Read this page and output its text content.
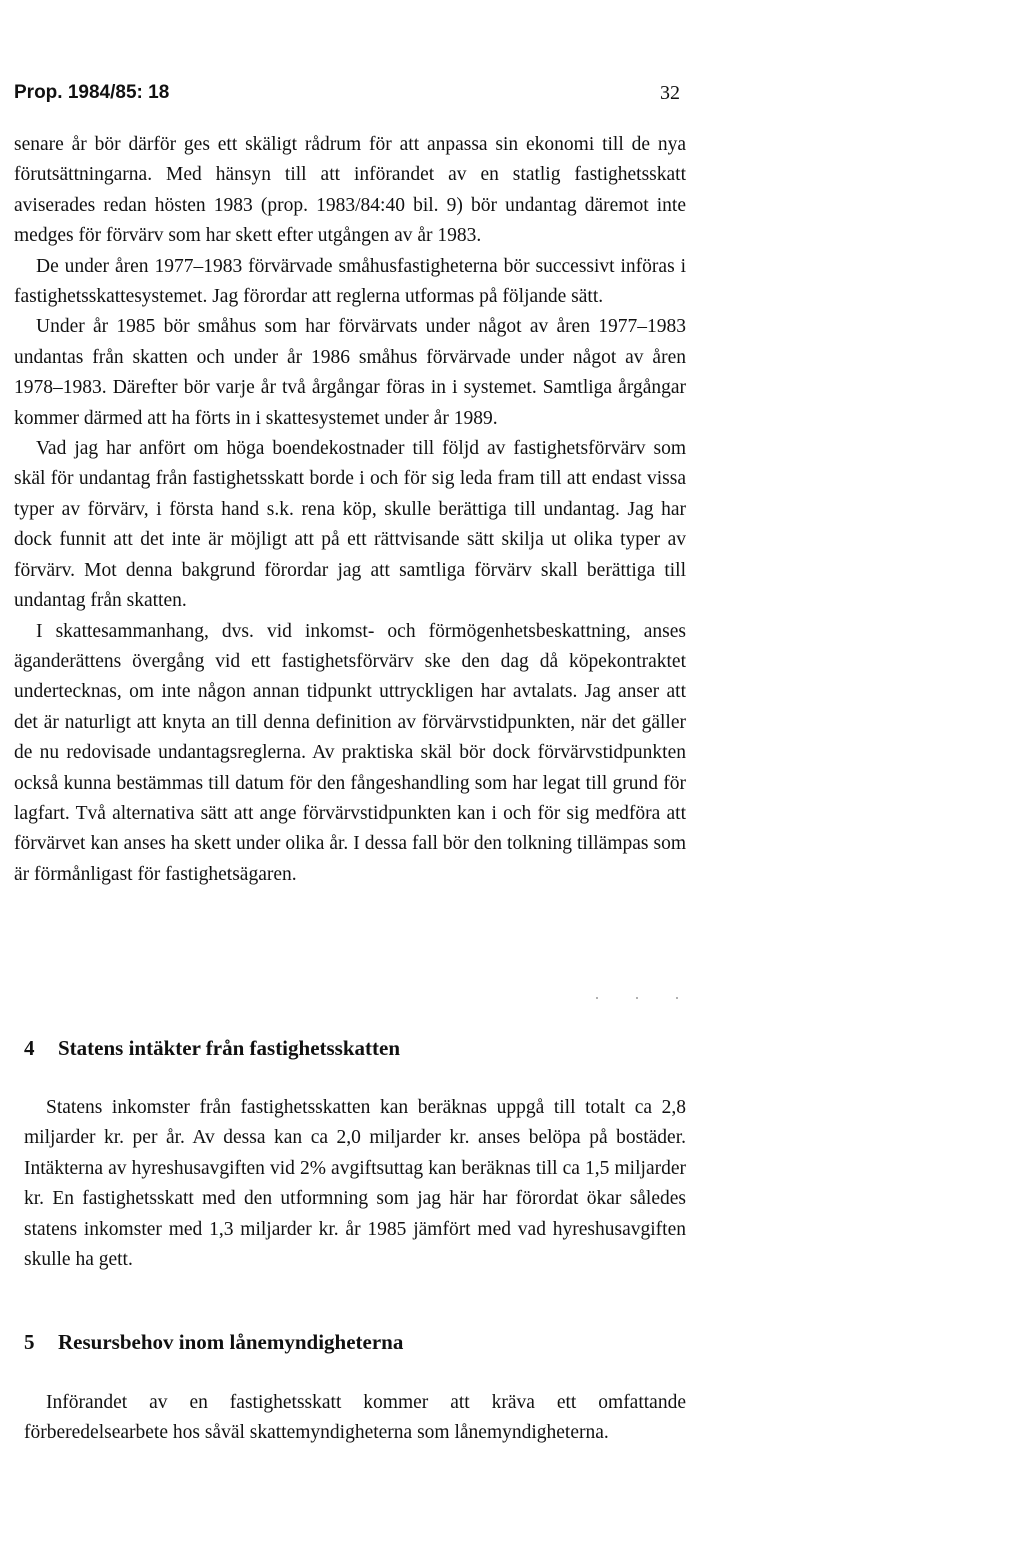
Prop. 1984/85: 18	32

senare år bör därför ges ett skäligt rådrum för att anpassa sin ekonomi till de nya förutsättningarna. Med hänsyn till att införandet av en statlig fastighetsskatt aviserades redan hösten 1983 (prop. 1983/84:40 bil. 9) bör undantag däremot inte medges för förvärv som har skett efter utgången av år 1983.

De under åren 1977–1983 förvärvade småhusfastigheterna bör successivt införas i fastighetsskattesystemet. Jag förordar att reglerna utformas på följande sätt.

Under år 1985 bör småhus som har förvärvats under något av åren 1977–1983 undantas från skatten och under år 1986 småhus förvärvade under något av åren 1978–1983. Därefter bör varje år två årgångar föras in i systemet. Samtliga årgångar kommer därmed att ha förts in i skattesystemet under år 1989.

Vad jag har anfört om höga boendekostnader till följd av fastighetsförvärv som skäl för undantag från fastighetsskatt borde i och för sig leda fram till att endast vissa typer av förvärv, i första hand s.k. rena köp, skulle berättiga till undantag. Jag har dock funnit att det inte är möjligt att på ett rättvisande sätt skilja ut olika typer av förvärv. Mot denna bakgrund förordar jag att samtliga förvärv skall berättiga till undantag från skatten.

I skattesammanhang, dvs. vid inkomst- och förmögenhetsbeskattning, anses äganderättens övergång vid ett fastighetsförvärv ske den dag då köpekontraktet undertecknas, om inte någon annan tidpunkt uttryckligen har avtalats. Jag anser att det är naturligt att knyta an till denna definition av förvärvstidpunkten, när det gäller de nu redovisade undantagsreglerna. Av praktiska skäl bör dock förvärvstidpunkten också kunna bestämmas till datum för den fångeshandling som har legat till grund för lagfart. Två alternativa sätt att ange förvärvstidpunkten kan i och för sig medföra att förvärvet kan anses ha skett under olika år. I dessa fall bör den tolkning tillämpas som är förmånligast för fastighetsägaren.

4 Statens intäkter från fastighetsskatten

Statens inkomster från fastighetsskatten kan beräknas uppgå till totalt ca 2,8 miljarder kr. per år. Av dessa kan ca 2,0 miljarder kr. anses belöpa på bostäder. Intäkterna av hyreshusavgiften vid 2% avgiftsuttag kan beräknas till ca 1,5 miljarder kr. En fastighetsskatt med den utformning som jag här har förordat ökar således statens inkomster med 1,3 miljarder kr. år 1985 jämfört med vad hyreshusavgiften skulle ha gett.

5 Resursbehov inom lånemyndigheterna

Införandet av en fastighetsskatt kommer att kräva ett omfattande förberedelsearbete hos såväl skattemyndigheterna som lånemyndigheterna.
